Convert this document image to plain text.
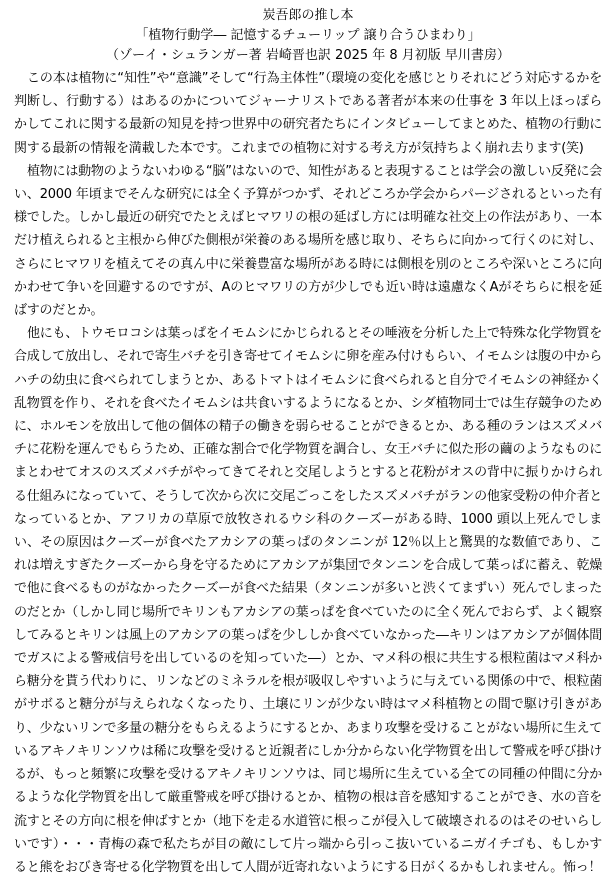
炭吾郎の推し本
「植物行動学― 記憶するチューリップ 譲り合うひまわり」
（ゾーイ・シュランガー著 岩崎晋也訳 2025 年 8 月初版 早川書房）

この本は植物に“知性”や“意識”そして“行為主体性”（環境の変化を感じとりそれにどう対応するかを判断し、行動する）はあるのかについてジャーナリストである著者が本来の仕事を 3 年以上ほっぽらかしてこれに関する最新の知見を持つ世界中の研究者たちにインタビューしてまとめた、植物の行動に関する最新の情報を満載した本です。これまでの植物に対する考え方が気持ちよく崩れ去ります(笑)

植物には動物のようないわゆる“脳”はないので、知性があると表現することは学会の激しい反発に会い、2000 年頃までそんな研究には全く予算がつかず、それどころか学会からパージされるといった有様でした。しかし最近の研究でたとえばヒマワリの根の延ばし方には明確な社交上の作法があり、一本だけ植えられると主根から伸びた側根が栄養のある場所を感じ取り、そちらに向かって行くのに対し、さらにヒマワリを植えてその真ん中に栄養豊富な場所がある時には側根を別のところや深いところに向かわせて争いを回避するのですが、Aのヒマワリの方が少しでも近い時は遠慮なくAがそちらに根を延ばすのだとか。

他にも、トウモロコシは葉っぱをイモムシにかじられるとその唾液を分析した上で特殊な化学物質を合成して放出し、それで寄生バチを引き寄せてイモムシに卵を産み付けもらい、イモムシは腹の中からハチの幼虫に食べられてしまうとか、あるトマトはイモムシに食べられると自分でイモムシの神経かく乱物質を作り、それを食べたイモムシは共食いするようになるとか、シダ植物同士では生存競争のために、ホルモンを放出して他の個体の精子の働きを弱らせることができるとか、ある種のランはスズメバチに花粉を運んでもらうため、正確な割合で化学物質を調合し、女王バチに似た形の繭のようなものにまとわせてオスのスズメバチがやってきてそれと交尾しようとすると花粉がオスの背中に振りかけられる仕組みになっていて、そうして次から次に交尾ごっこをしたスズメバチがランの他家受粉の仲介者となっているとか、アフリカの草原で放牧されるウシ科のクーズーがある時、1000 頭以上死んでしまい、その原因はクーズーが食べたアカシアの葉っぱのタンニンが 12％以上と驚異的な数値であり、これは増えすぎたクーズーから身を守るためにアカシアが集団でタンニンを合成して葉っぱに蓄え、乾燥で他に食べるものがなかったクーズーが食べた結果（タンニンが多いと渋くてまずい）死んでしまったのだとか（しかし同じ場所でキリンもアカシアの葉っぱを食べていたのに全く死んでおらず、よく観察してみるとキリンは風上のアカシアの葉っぱを少ししか食べていなかった―キリンはアカシアが個体間でガスによる警戒信号を出しているのを知っていた―）とか、マメ科の根に共生する根粒菌はマメ科から糖分を貰う代わりに、リンなどのミネラルを根が吸収しやすいように与えている関係の中で、根粒菌がサボると糖分が与えられなくなったり、土壌にリンが少ない時はマメ科植物との間で駆け引きがあり、少ないリンで多量の糖分をもらえるようにするとか、あまり攻撃を受けることがない場所に生えているアキノキリンソウは稀に攻撃を受けると近親者にしか分からない化学物質を出して警戒を呼び掛けるが、もっと頻繁に攻撃を受けるアキノキリンソウは、同じ場所に生えている全ての同種の仲間に分かるような化学物質を出して厳重警戒を呼び掛けるとか、植物の根は音を感知することができ、水の音を流すとその方向に根を伸ばすとか（地下を走る水道管に根っこが侵入して破壊されるのはそのせいらしいです）・・・青梅の森で私たちが目の敵にして片っ端から引っこ抜いているニガイチゴも、もしかすると熊をおびき寄せる化学物質を出して人間が近寄れないようにする日がくるかもしれません。怖っ！
